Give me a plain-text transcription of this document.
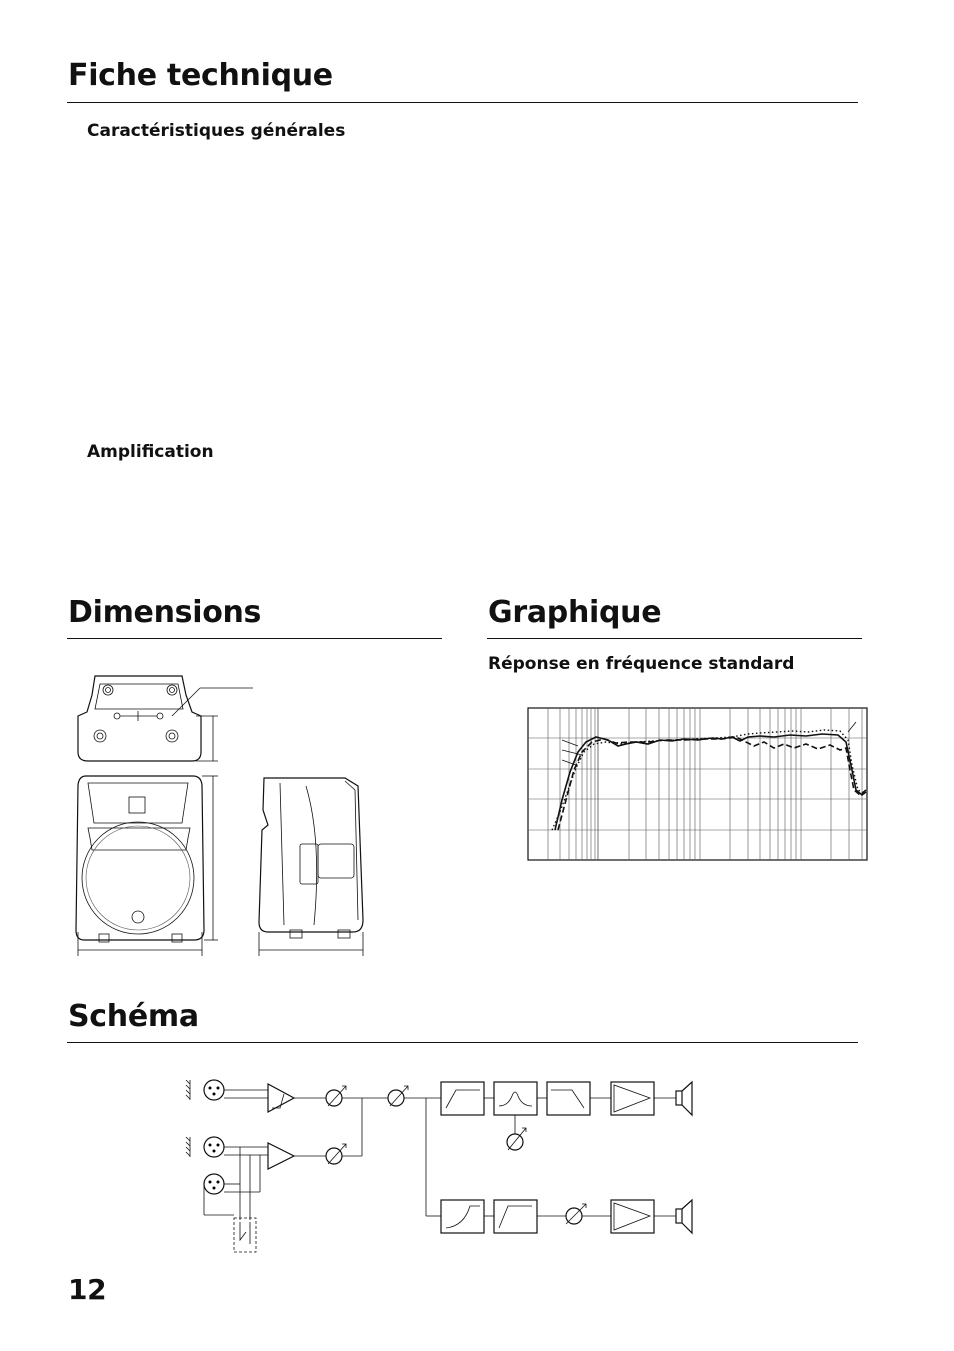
Fiche technique
Caractéristiques générales
Amplification
Dimensions	Graphique
Réponse en fréquence standard
Schéma
12
